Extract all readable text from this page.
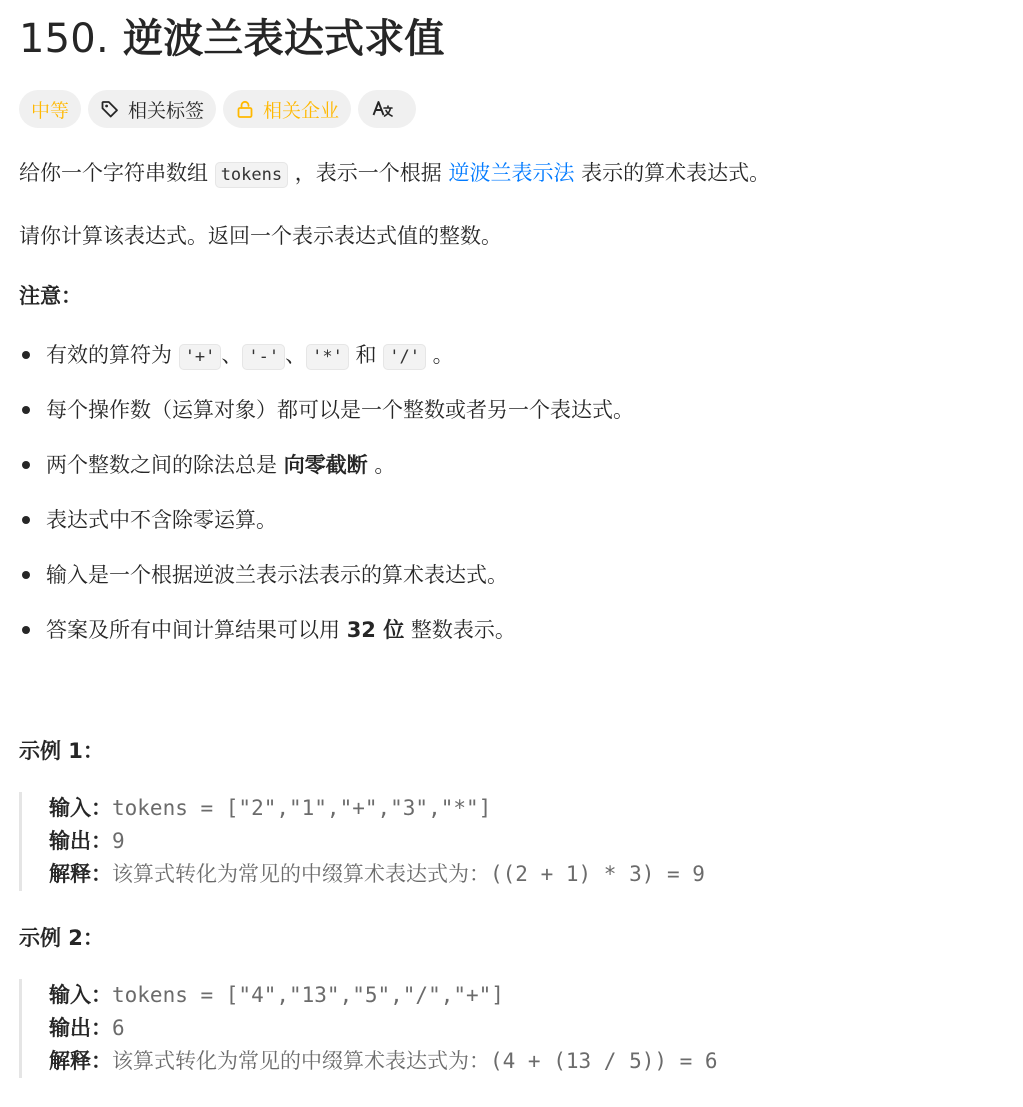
150. 逆波兰表达式求值
中等	相关标签	相关企业

给你一个字符串数组 tokens ，表示一个根据 逆波兰表示法 表示的算术表达式。

请你计算该表达式。返回一个表示表达式值的整数。

注意：

有效的算符为 '+' 、 '-' 、 '*' 和 '/' 。
每个操作数（运算对象）都可以是一个整数或者另一个表达式。
两个整数之间的除法总是 向零截断 。
表达式中不含除零运算。
输入是一个根据逆波兰表示法表示的算术表达式。
答案及所有中间计算结果可以用 32 位 整数表示。

示例 1：

输入：tokens = ["2","1","+","3","*"]
输出：9
解释：该算式转化为常见的中缀算术表达式为：((2 + 1) * 3) = 9

示例 2：

输入：tokens = ["4","13","5","/","+"]
输出：6
解释：该算式转化为常见的中缀算术表达式为：(4 + (13 / 5)) = 6
